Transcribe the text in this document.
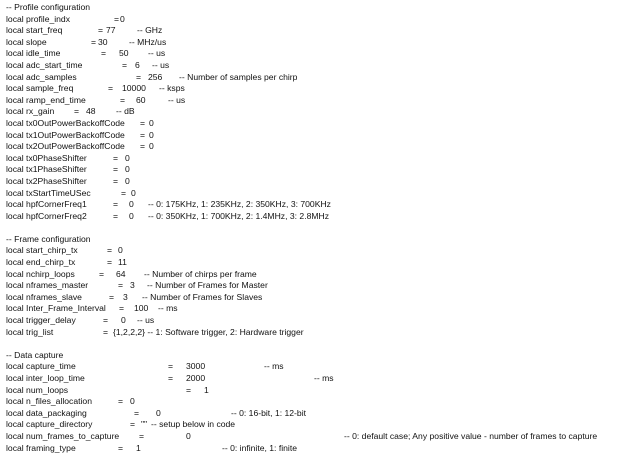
-- Profile configuration
local profile_indx	= 0
local start_freq	= 77 -- GHz
local slope	= 30 -- MHz/us
local idle_time	= 50 -- us
local adc_start_time	= 6 -- us
local adc_samples	= 256 -- Number of samples per chirp
local sample_freq	= 10000 -- ksps
local ramp_end_time	= 60	-- us
local rx_gain = 48 -- dB
local tx0OutPowerBackoffCode = 0
local tx1OutPowerBackoffCode = 0
local tx2OutPowerBackoffCode = 0
local tx0PhaseShifter	= 0
local tx1PhaseShifter	= 0
local tx2PhaseShifter	= 0
local txStartTimeUSec	= 0
local hpfCornerFreq1	= 0 -- 0: 175KHz, 1: 235KHz, 2: 350KHz, 3: 700KHz
local hpfCornerFreq2	= 0 -- 0: 350KHz, 1: 700KHz, 2: 1.4MHz, 3: 2.8MHz
-- Frame configuration
local start_chirp_tx	= 0
local end_chirp_tx	= 11
local nchirp_loops	= 64 -- Number of chirps per frame
local nframes_master	= 3 -- Number of Frames for Master
local nframes_slave	= 3 -- Number of Frames for Slaves
local Inter_Frame_Interval = 100 -- ms
local trigger_delay	= 0 -- us
local trig_list	= {1,2,2,2} -- 1: Software trigger, 2: Hardware trigger
-- Data capture
local capture_time	= 3000	-- ms
local inter_loop_time	= 2000	-- ms
local num_loops	= 1
local n_files_allocation	= 0
local data_packaging	= 0	-- 0: 16-bit, 1: 12-bit
local capture_directory	= "" -- setup below in code
local num_frames_to_capture =	0	-- 0: default case; Any positive value - number of frames to capture
local framing_type	= 1	-- 0: infinite, 1: finite
